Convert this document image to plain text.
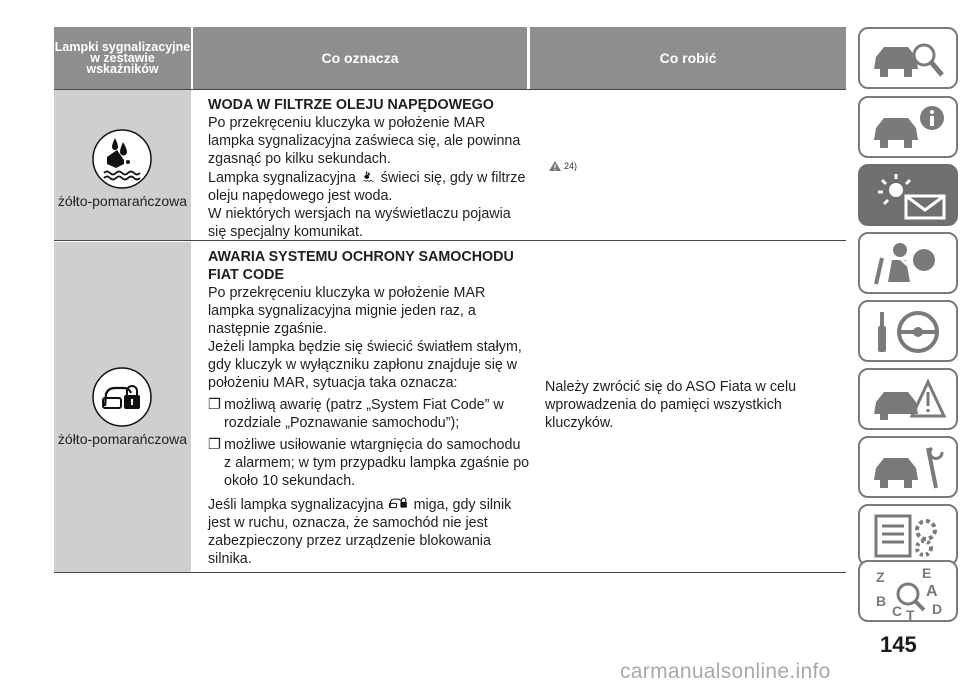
Lampki sygnalizacyjne w zestawie wskaźników
Co oznacza	Co robić
żółto-pomarańczowa
żółto-pomarańczowa

WODA W FILTRZE OLEJU NAPĘDOWEGO

Po przekręceniu kluczyka w położenie MAR lampka sygnalizacyjna zaświeca się, ale powinna zgasnąć po kilku sekundach.

Lampka sygnalizacyjna świeci się, gdy w filtrze oleju napędowego jest woda.

W niektórych wersjach na wyświetlaczu pojawia się specjalny komunikat.

24)

AWARIA SYSTEMU OCHRONY SAMOCHODU FIAT CODE

Po przekręceniu kluczyka w położenie MAR lampka sygnalizacyjna mignie jeden raz, a następnie zgaśnie.

Jeżeli lampka będzie się świecić światłem stałym, gdy kluczyk w wyłączniku zapłonu znajduje się w położeniu MAR, sytuacja taka oznacza:

❐ możliwą awarię (patrz „System Fiat Code” w rozdziale „Poznawanie samochodu”);
❐ możliwe usiłowanie wtargnięcia do samochodu z alarmem; w tym przypadku lampka zgaśnie po około 10 sekundach.

Jeśli lampka sygnalizacyjna miga, gdy silnik jest w ruchu, oznacza, że samochód nie jest zabezpieczony przez urządzenie blokowania silnika.

Należy zwrócić się do ASO Fiata w celu wprowadzenia do pamięci wszystkich kluczyków.
Z	E
A
B
C T D
145
carmanualsonline.info
